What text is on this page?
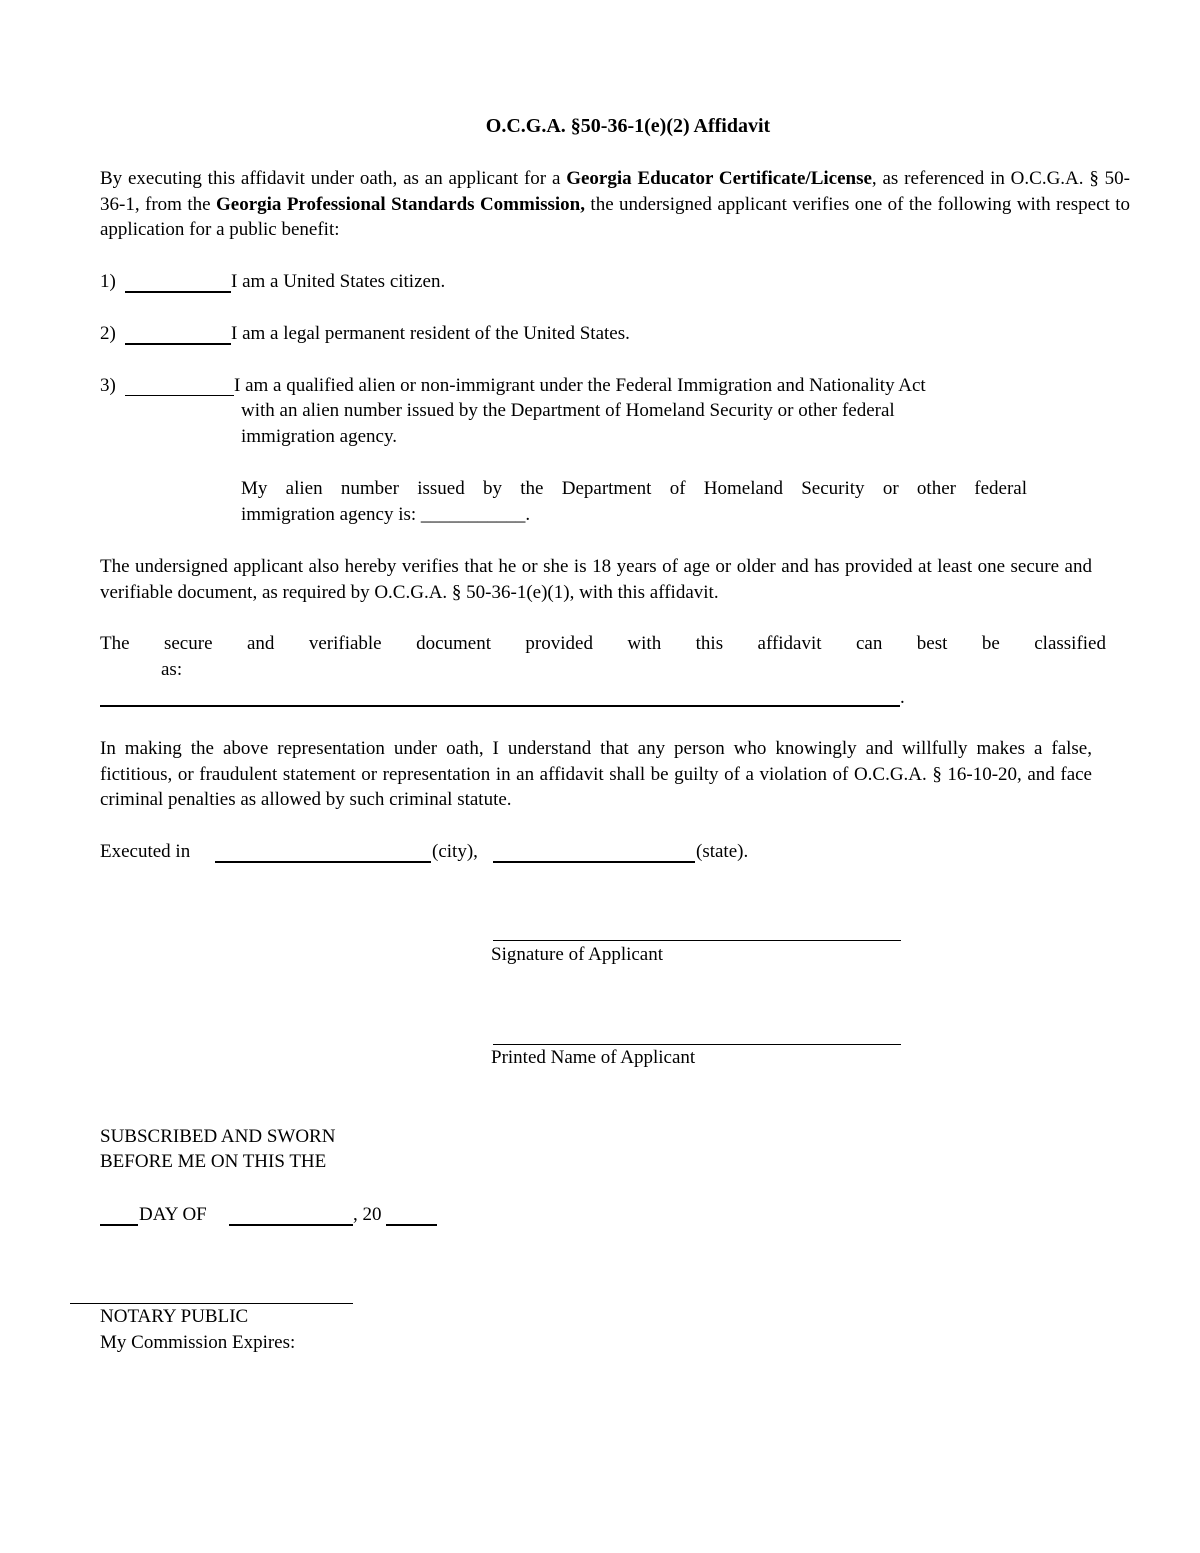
O.C.G.A. §50-36-1(e)(2) Affidavit
By executing this affidavit under oath, as an applicant for a Georgia Educator Certificate/License, as referenced in O.C.G.A. § 50-36-1, from the Georgia Professional Standards Commission, the undersigned applicant verifies one of the following with respect to application for a public benefit:
1)	I am a United States citizen.
2)	I am a legal permanent resident of the United States.
3)	I am a qualified alien or non-immigrant under the Federal Immigration and Nationality Act
with an alien number issued by the Department of Homeland Security or other federal
immigration agency.
My alien number issued by the Department of Homeland Security or other federal
immigration agency is: ___________.
The undersigned applicant also hereby verifies that he or she is 18 years of age or older and has provided at least one secure and verifiable document, as required by O.C.G.A. § 50-36-1(e)(1), with this affidavit.
The secure and verifiable document provided with this affidavit can best be classified
as:
.
In making the above representation under oath, I understand that any person who knowingly and willfully makes a false, fictitious, or fraudulent statement or representation in an affidavit shall be guilty of a violation of O.C.G.A. § 16-10-20, and face criminal penalties as allowed by such criminal statute.
Executed in	(city),	(state).
Signature of Applicant
Printed Name of Applicant
SUBSCRIBED AND SWORN
BEFORE ME ON THIS THE
DAY OF	, 20
NOTARY PUBLIC
My Commission Expires:
